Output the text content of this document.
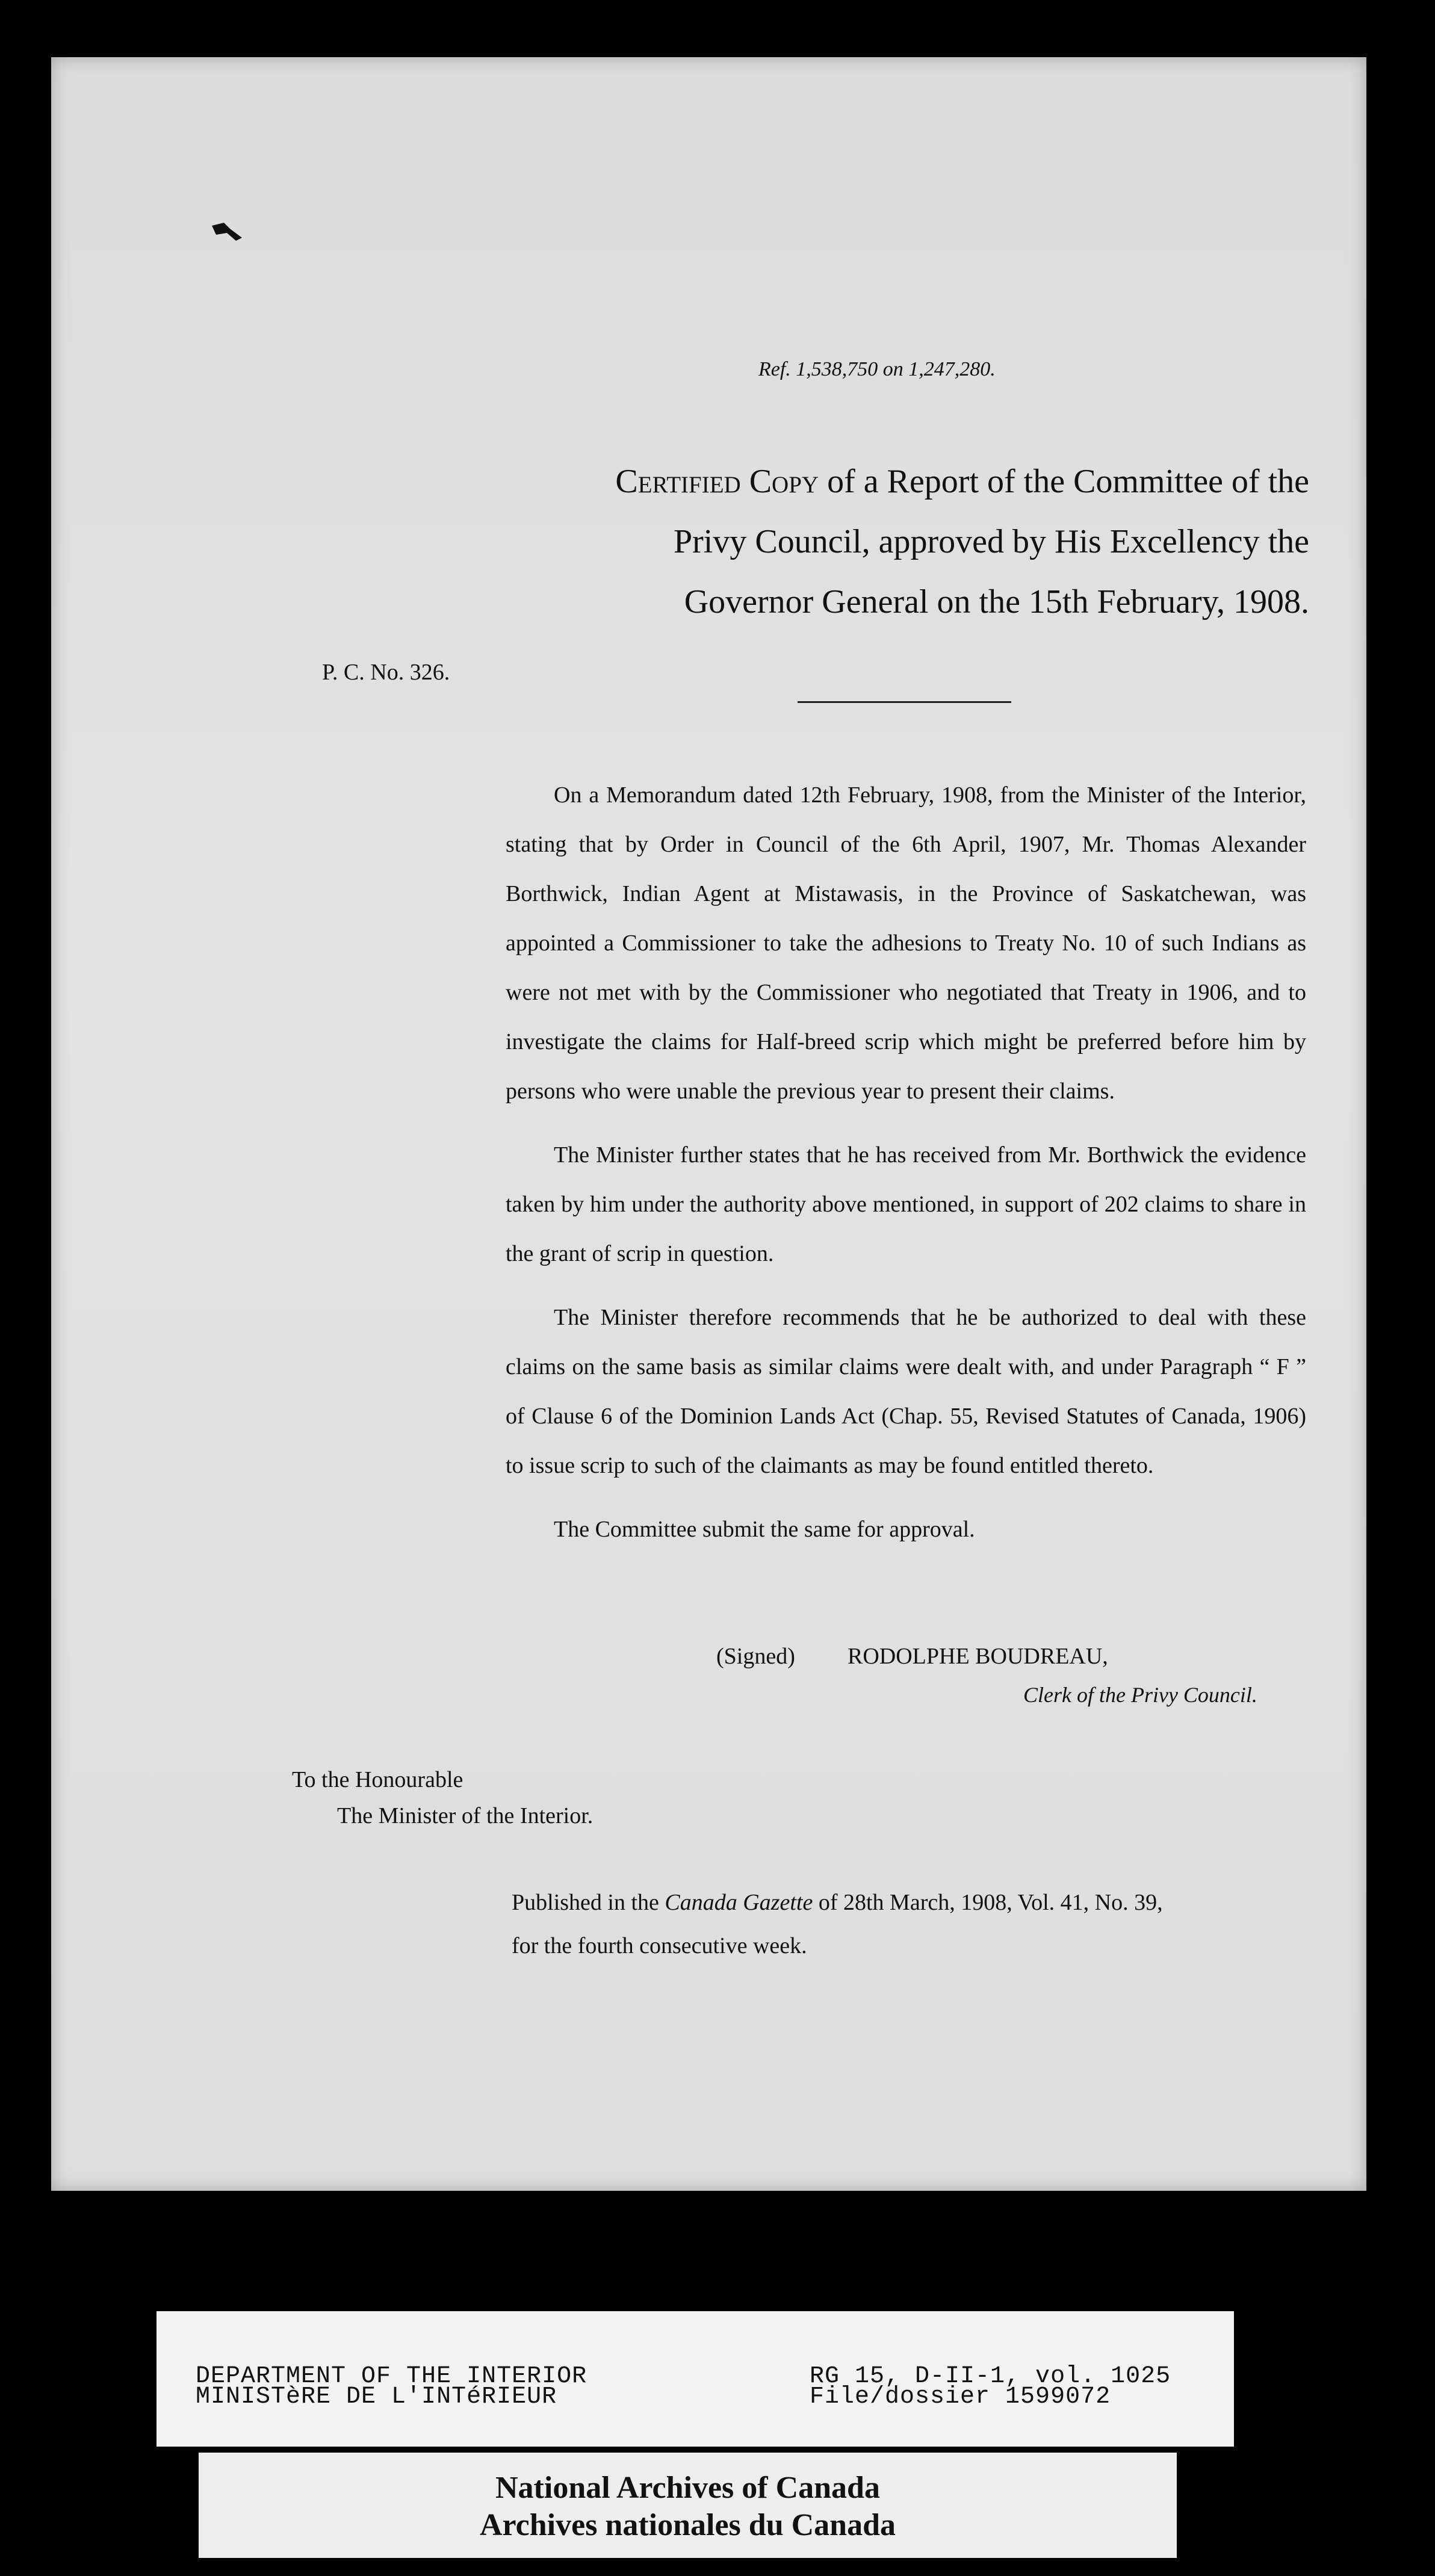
Ref. 1,538,750 on 1,247,280.
Certified Copy of a Report of the Committee of the
Privy Council, approved by His Excellency the
Governor General on the 15th February, 1908.
P. C. No. 326.

On a Memorandum dated 12th February, 1908, from the Minister of the Interior, stating that by Order in Council of the 6th April, 1907, Mr. Thomas Alexander Borthwick, Indian Agent at Mistawasis, in the Province of Saskatchewan, was appointed a Commissioner to take the adhesions to Treaty No. 10 of such Indians as were not met with by the Commissioner who negotiated that Treaty in 1906, and to investigate the claims for Half-breed scrip which might be preferred before him by persons who were unable the previous year to present their claims.

The Minister further states that he has received from Mr. Borthwick the evidence taken by him under the authority above mentioned, in support of 202 claims to share in the grant of scrip in question.

The Minister therefore recommends that he be authorized to deal with these claims on the same basis as similar claims were dealt with, and under Paragraph “ F ” of Clause 6 of the Dominion Lands Act (Chap. 55, Revised Statutes of Canada, 1906) to issue scrip to such of the claimants as may be found entitled thereto.

The Committee submit the same for approval.

(Signed) RODOLPHE BOUDREAU,
Clerk of the Privy Council.
To the Honourable
The Minister of the Interior.
Published in the Canada Gazette of 28th March, 1908, Vol. 41, No. 39,
for the fourth consecutive week.
DEPARTMENT OF THE INTERIOR
MINISTèRE DE L'INTéRIEUR
RG 15, D-II-1, vol. 1025
File/dossier 1599072
National Archives of Canada
Archives nationales du Canada
